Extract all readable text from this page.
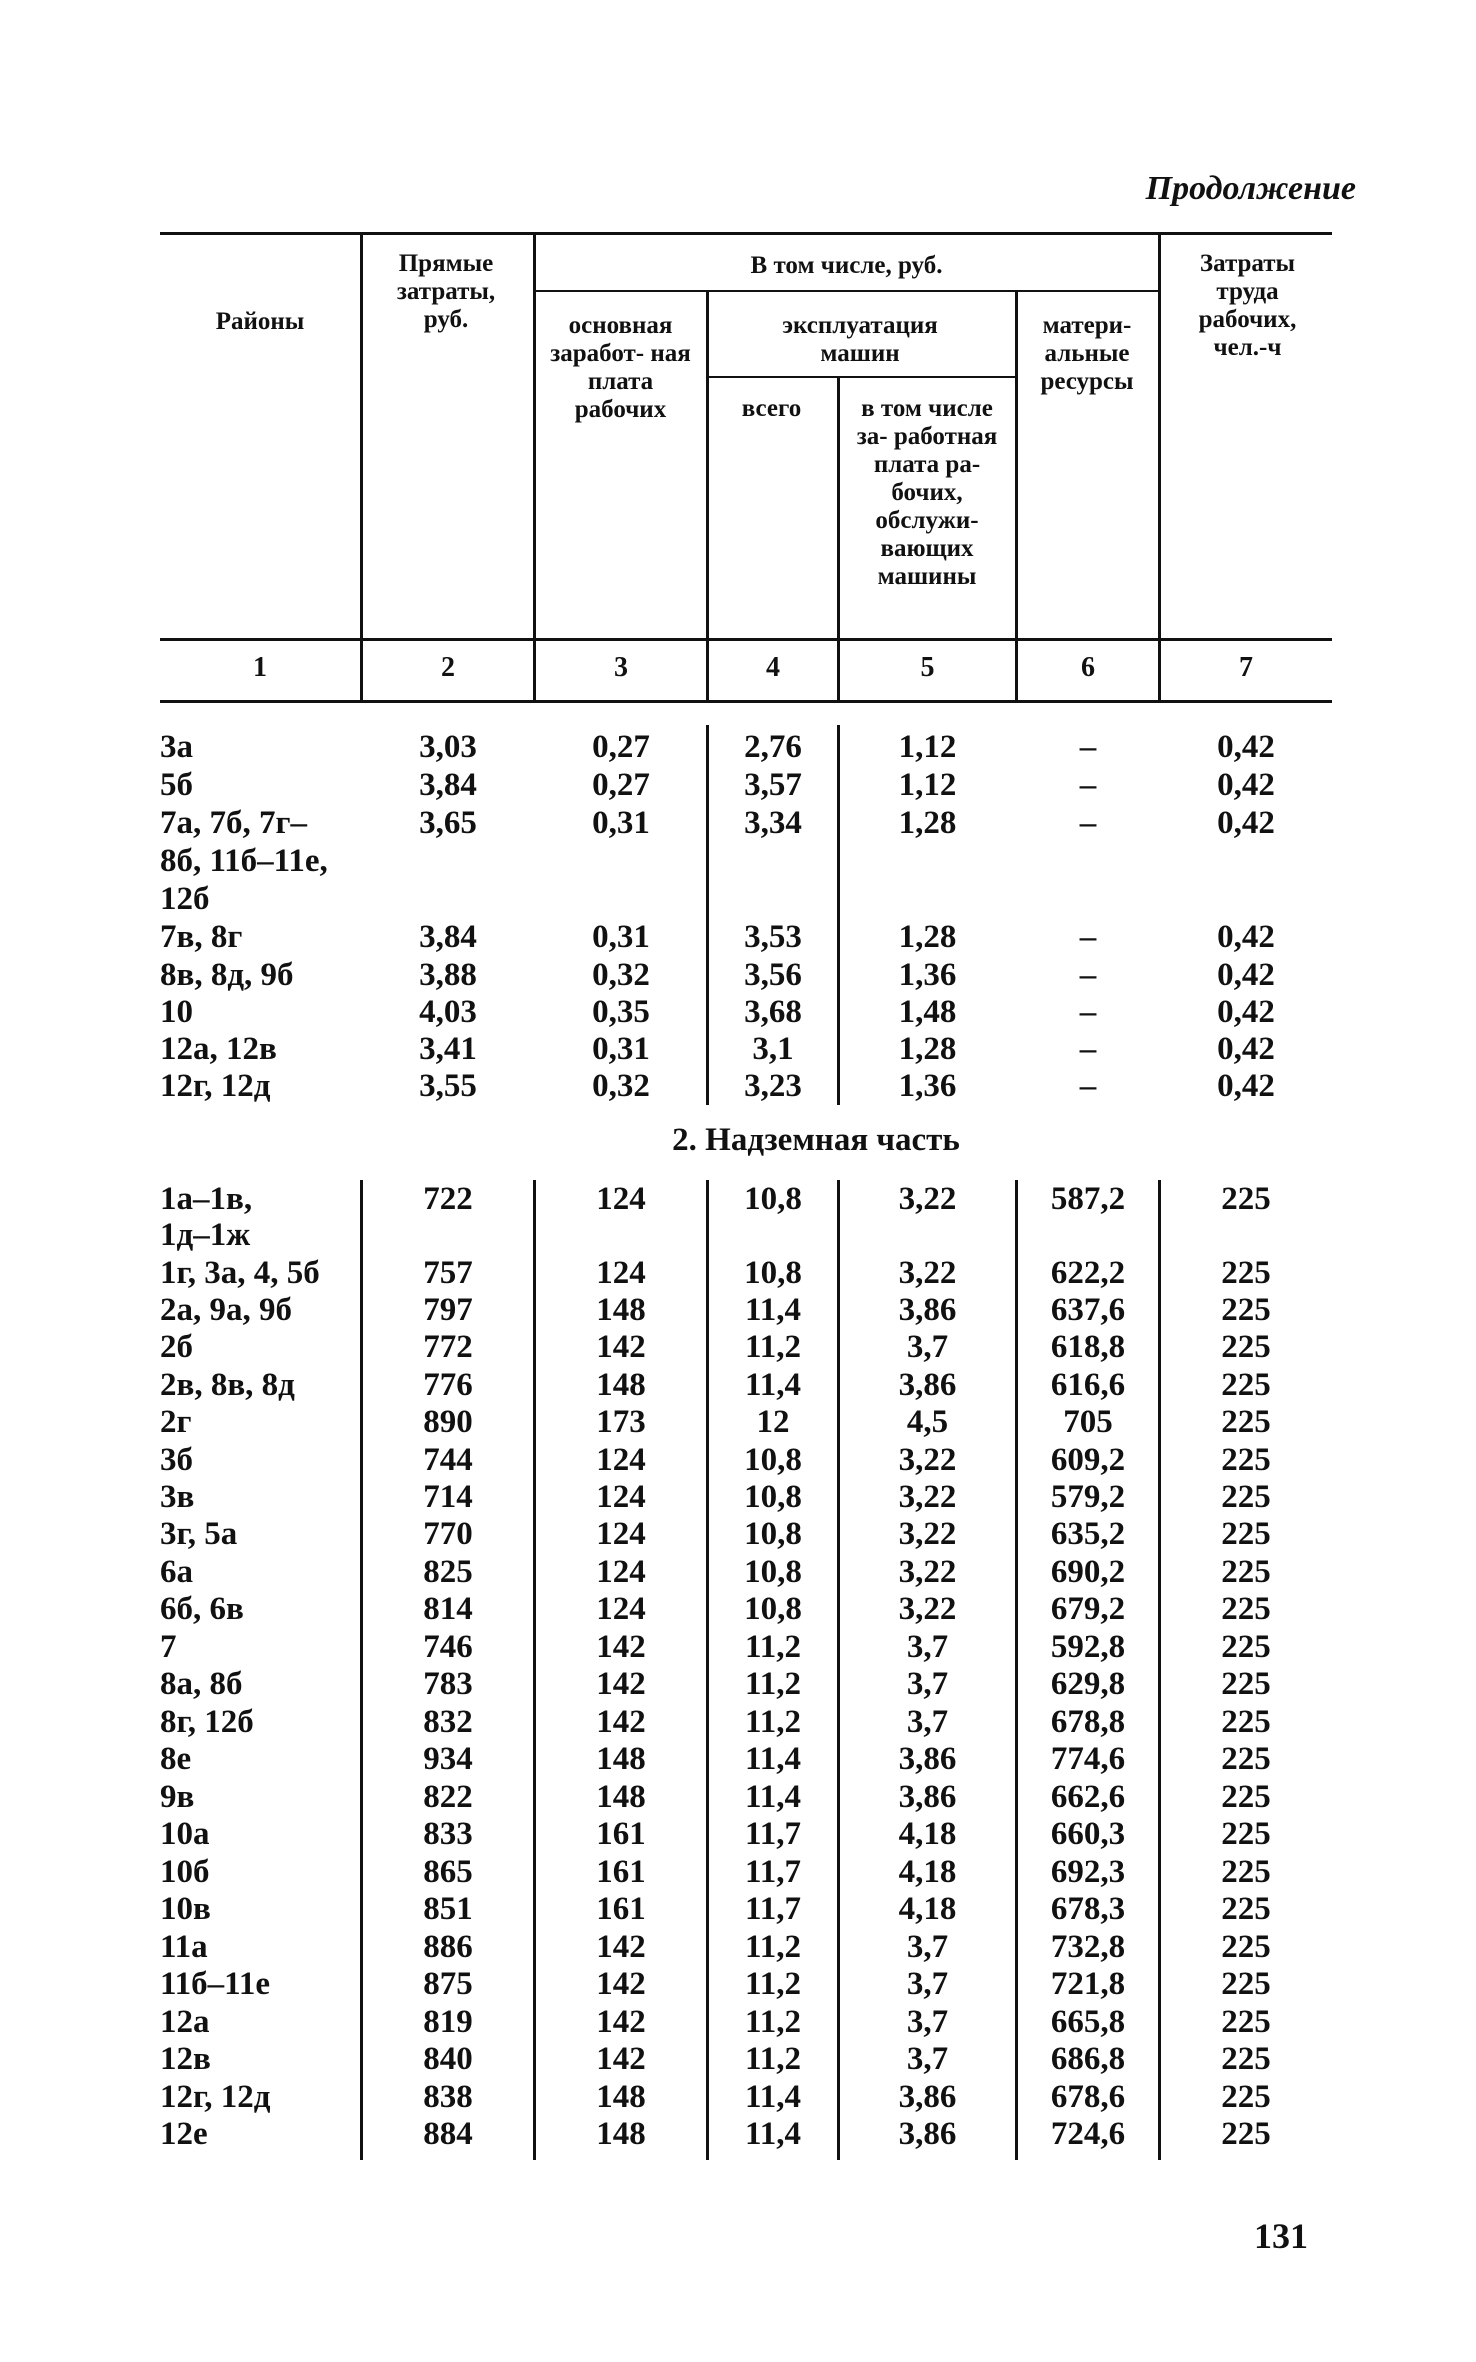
Продолжение
Районы
Прямые затраты, руб.
В том числе, руб.
основная заработ- ная плата рабочих
эксплуатация машин
всего	в том числе за- работная плата ра- бочих, обслужи- вающих машины
матери- альные ресурсы
Затраты труда рабочих, чел.-ч
1	2	3	4	5	6	7
3а	3,03	0,27	2,76	1,12	–	0,42
5б	3,84	0,27	3,57	1,12	–	0,42
7а, 7б, 7г–	3,65	0,31	3,34	1,28	–	0,42
8б, 11б–11е,
12б
7в, 8г	3,84	0,31	3,53	1,28	–	0,42
8в, 8д, 9б	3,88	0,32	3,56	1,36	–	0,42
10	4,03	0,35	3,68	1,48	–	0,42
12а, 12в	3,41	0,31	3,1	1,28	–	0,42
12г, 12д	3,55	0,32	3,23	1,36	–	0,42
2. Надземная часть
1а–1в,	722	124	10,8	3,22	587,2	225
1д–1ж
1г, 3а, 4, 5б	757	124	10,8	3,22	622,2	225
2а, 9а, 9б	797	148	11,4	3,86	637,6	225
2б	772	142	11,2	3,7	618,8	225
2в, 8в, 8д	776	148	11,4	3,86	616,6	225
2г	890	173	12	4,5	705	225
3б	744	124	10,8	3,22	609,2	225
3в	714	124	10,8	3,22	579,2	225
3г, 5а	770	124	10,8	3,22	635,2	225
6а	825	124	10,8	3,22	690,2	225
6б, 6в	814	124	10,8	3,22	679,2	225
7	746	142	11,2	3,7	592,8	225
8а, 8б	783	142	11,2	3,7	629,8	225
8г, 12б	832	142	11,2	3,7	678,8	225
8е	934	148	11,4	3,86	774,6	225
9в	822	148	11,4	3,86	662,6	225
10а	833	161	11,7	4,18	660,3	225
10б	865	161	11,7	4,18	692,3	225
10в	851	161	11,7	4,18	678,3	225
11а	886	142	11,2	3,7	732,8	225
11б–11е	875	142	11,2	3,7	721,8	225
12а	819	142	11,2	3,7	665,8	225
12в	840	142	11,2	3,7	686,8	225
12г, 12д	838	148	11,4	3,86	678,6	225
12е	884	148	11,4	3,86	724,6	225
131
